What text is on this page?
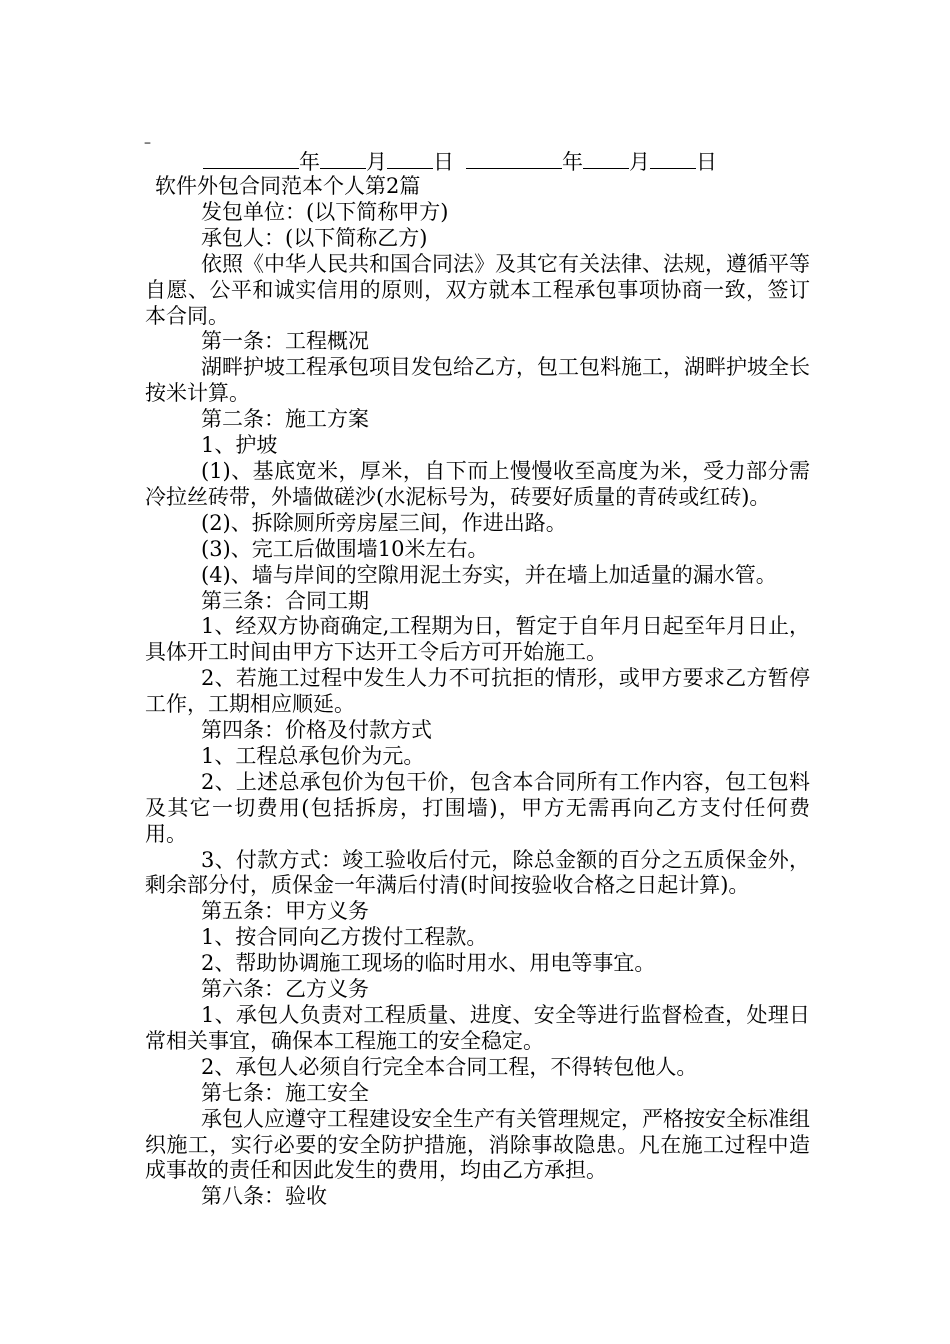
–
年 月 日	年 月 日

软件外包合同范本个人第2篇

发包单位：(以下简称甲方)

承包人：(以下简称乙方)

依照《中华人民共和国合同法》及其它有关法律、法规，遵循平等自愿、公平和诚实信用的原则，双方就本工程承包事项协商一致，签订本合同。

第一条：工程概况

湖畔护坡工程承包项目发包给乙方，包工包料施工，湖畔护坡全长按米计算。

第二条：施工方案

1、护坡

(1)、基底宽米，厚米，自下而上慢慢收至高度为米，受力部分需冷拉丝砖带，外墙做磋沙(水泥标号为，砖要好质量的青砖或红砖)。

(2)、拆除厕所旁房屋三间，作进出路。

(3)、完工后做围墙10米左右。

(4)、墙与岸间的空隙用泥土夯实，并在墙上加适量的漏水管。

第三条：合同工期

1、经双方协商确定,工程期为日，暂定于自年月日起至年月日止，具体开工时间由甲方下达开工令后方可开始施工。

2、若施工过程中发生人力不可抗拒的情形，或甲方要求乙方暂停工作，工期相应顺延。

第四条：价格及付款方式

1、工程总承包价为元。

2、上述总承包价为包干价，包含本合同所有工作内容，包工包料及其它一切费用(包括拆房，打围墙)，甲方无需再向乙方支付任何费用。

3、付款方式：竣工验收后付元，除总金额的百分之五质保金外，剩余部分付，质保金一年满后付清(时间按验收合格之日起计算)。

第五条：甲方义务

1、按合同向乙方拨付工程款。

2、帮助协调施工现场的临时用水、用电等事宜。

第六条：乙方义务

1、承包人负责对工程质量、进度、安全等进行监督检查，处理日常相关事宜，确保本工程施工的安全稳定。

2、承包人必须自行完全本合同工程，不得转包他人。

第七条：施工安全

承包人应遵守工程建设安全生产有关管理规定，严格按安全标准组织施工，实行必要的安全防护措施，消除事故隐患。凡在施工过程中造成事故的责任和因此发生的费用，均由乙方承担。

第八条：验收
